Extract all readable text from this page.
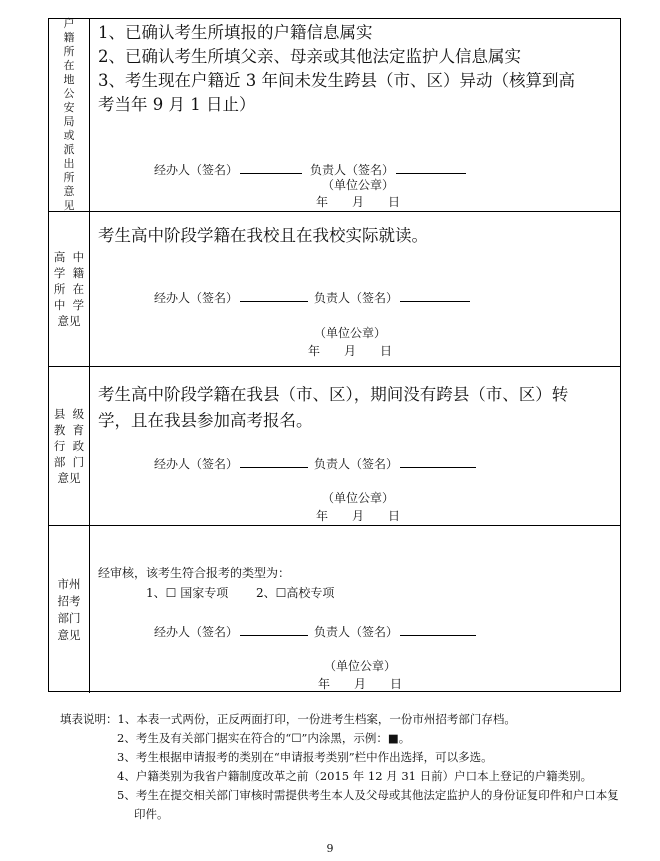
户
籍
所
在
地
公
安
局
或
派
出
所
意
见
1、已确认考生所填报的户籍信息属实
2、已确认考生所填父亲、母亲或其他法定监护人信息属实
3、考生现在户籍近 3 年间未发生跨县（市、区）异动（核算到高
考当年 9 月 1 日止）
经办人（签名）	负责人（签名）
（单位公章）
年　　月　　日
高 中
学 籍
所 在
中 学
意见
考生高中阶段学籍在我校且在我校实际就读。
经办人（签名）	负责人（签名）
（单位公章）
年　　月　　日
县 级
教 育
行 政
部 门
意见
考生高中阶段学籍在我县（市、区），期间没有跨县（市、区）转
学，且在我县参加高考报名。
经办人（签名）	负责人（签名）
（单位公章）
年　　月　　日
市州
招考
部门
意见
经审核，该考生符合报考的类型为：
1、☐ 国家专项 2、☐高校专项
经办人（签名）	负责人（签名）
（单位公章）
年　　月　　日
填表说明：1、本表一式两份，正反两面打印，一份进考生档案，一份市州招考部门存档。
2、考生及有关部门据实在符合的“☐”内涂黑，示例：■。
3、考生根据申请报考的类别在“申请报考类别”栏中作出选择，可以多选。
4、户籍类别为我省户籍制度改革之前（2015 年 12 月 31 日前）户口本上登记的户籍类别。
5、考生在提交相关部门审核时需提供考生本人及父母或其他法定监护人的身份证复印件和户口本复
印件。
9
